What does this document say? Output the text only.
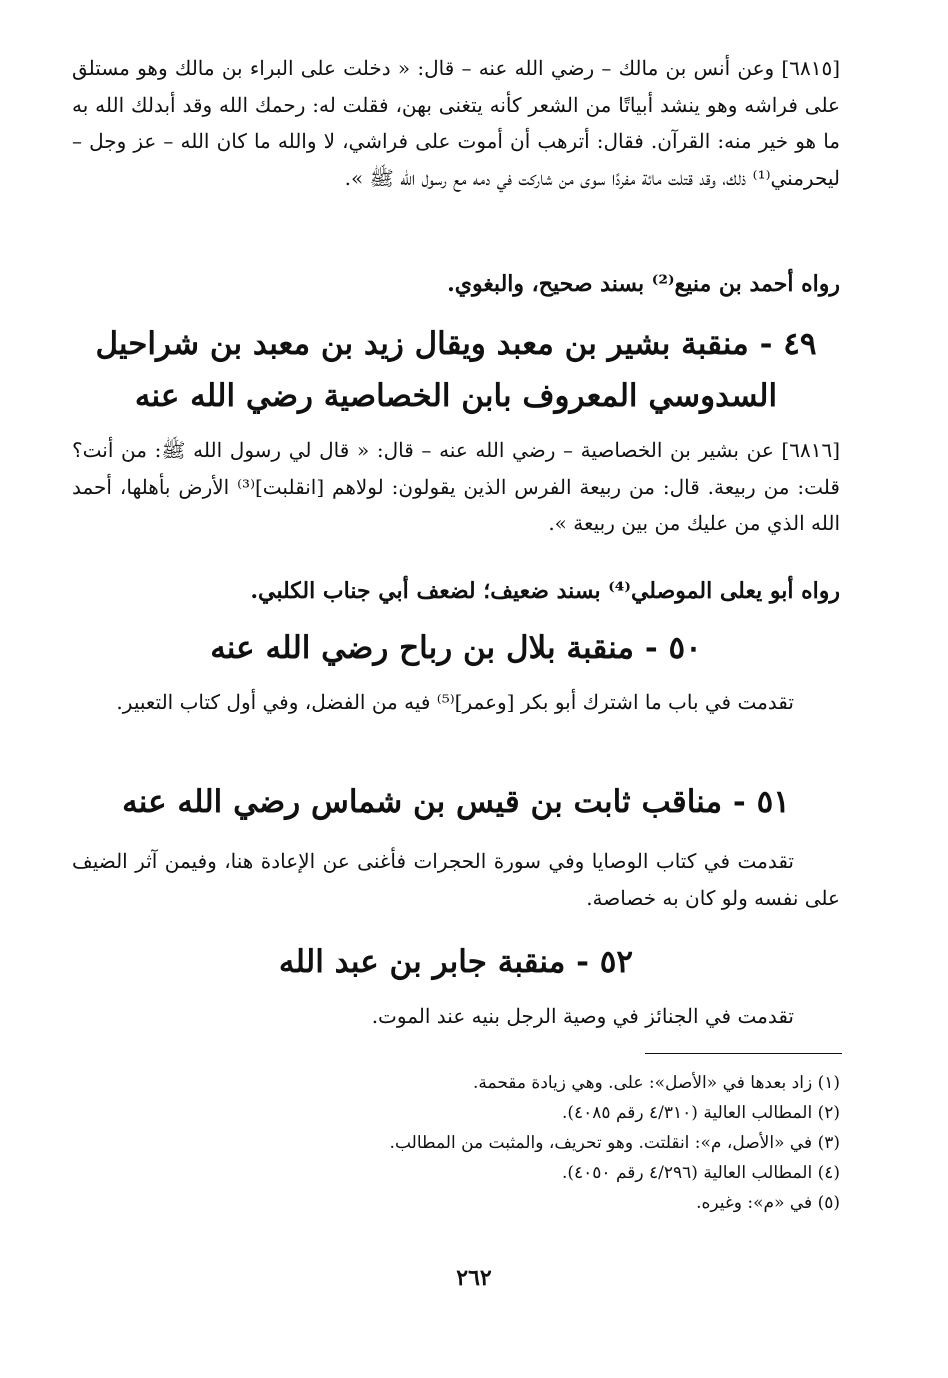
[٦٨١٥] وعن أنس بن مالك – رضي الله عنه – قال: « دخلت على البراء بن مالك وهو مستلق على فراشه وهو ينشد أبياتًا من الشعر كأنه يتغنى بهن، فقلت له: رحمك الله وقد أبدلك الله به ما هو خير منه: القرآن. فقال: أترهب أن أموت على فراشي، لا والله ما كان الله – عز وجل – ليحرمني⁽¹⁾ ذلك، وقد قتلت مائة مفردًا سوى من شاركت في دمه مع رسول الله ﷺ ».
رواه أحمد بن منيع⁽²⁾ بسند صحيح، والبغوي.
٤٩ - منقبة بشير بن معبد ويقال زيد بن معبد بن شراحيل السدوسي المعروف بابن الخصاصية رضي الله عنه
[٦٨١٦] عن بشير بن الخصاصية – رضي الله عنه – قال: « قال لي رسول الله ﷺ: من أنت؟ قلت: من ربيعة. قال: من ربيعة الفرس الذين يقولون: لولاهم [انقلبت]⁽³⁾ الأرض بأهلها، أحمد الله الذي من عليك من بين ربيعة ».
رواه أبو يعلى الموصلي⁽⁴⁾ بسند ضعيف؛ لضعف أبي جناب الكلبي.
٥٠ - منقبة بلال بن رباح رضي الله عنه
تقدمت في باب ما اشترك أبو بكر [وعمر]⁽⁵⁾ فيه من الفضل، وفي أول كتاب التعبير.
٥١ - مناقب ثابت بن قيس بن شماس رضي الله عنه
تقدمت في كتاب الوصايا وفي سورة الحجرات فأغنى عن الإعادة هنا، وفيمن آثر الضيف على نفسه ولو كان به خصاصة.
٥٢ - منقبة جابر بن عبد الله
تقدمت في الجنائز في وصية الرجل بنيه عند الموت.
(١) زاد بعدها في «الأصل»: على. وهي زيادة مقحمة.
(٢) المطالب العالية (٤/٣١٠ رقم ٤٠٨٥).
(٣) في «الأصل، م»: انقلتت. وهو تحريف، والمثبت من المطالب.
(٤) المطالب العالية (٤/٢٩٦ رقم ٤٠٥٠).
(٥) في «م»: وغيره.
٢٦٢
